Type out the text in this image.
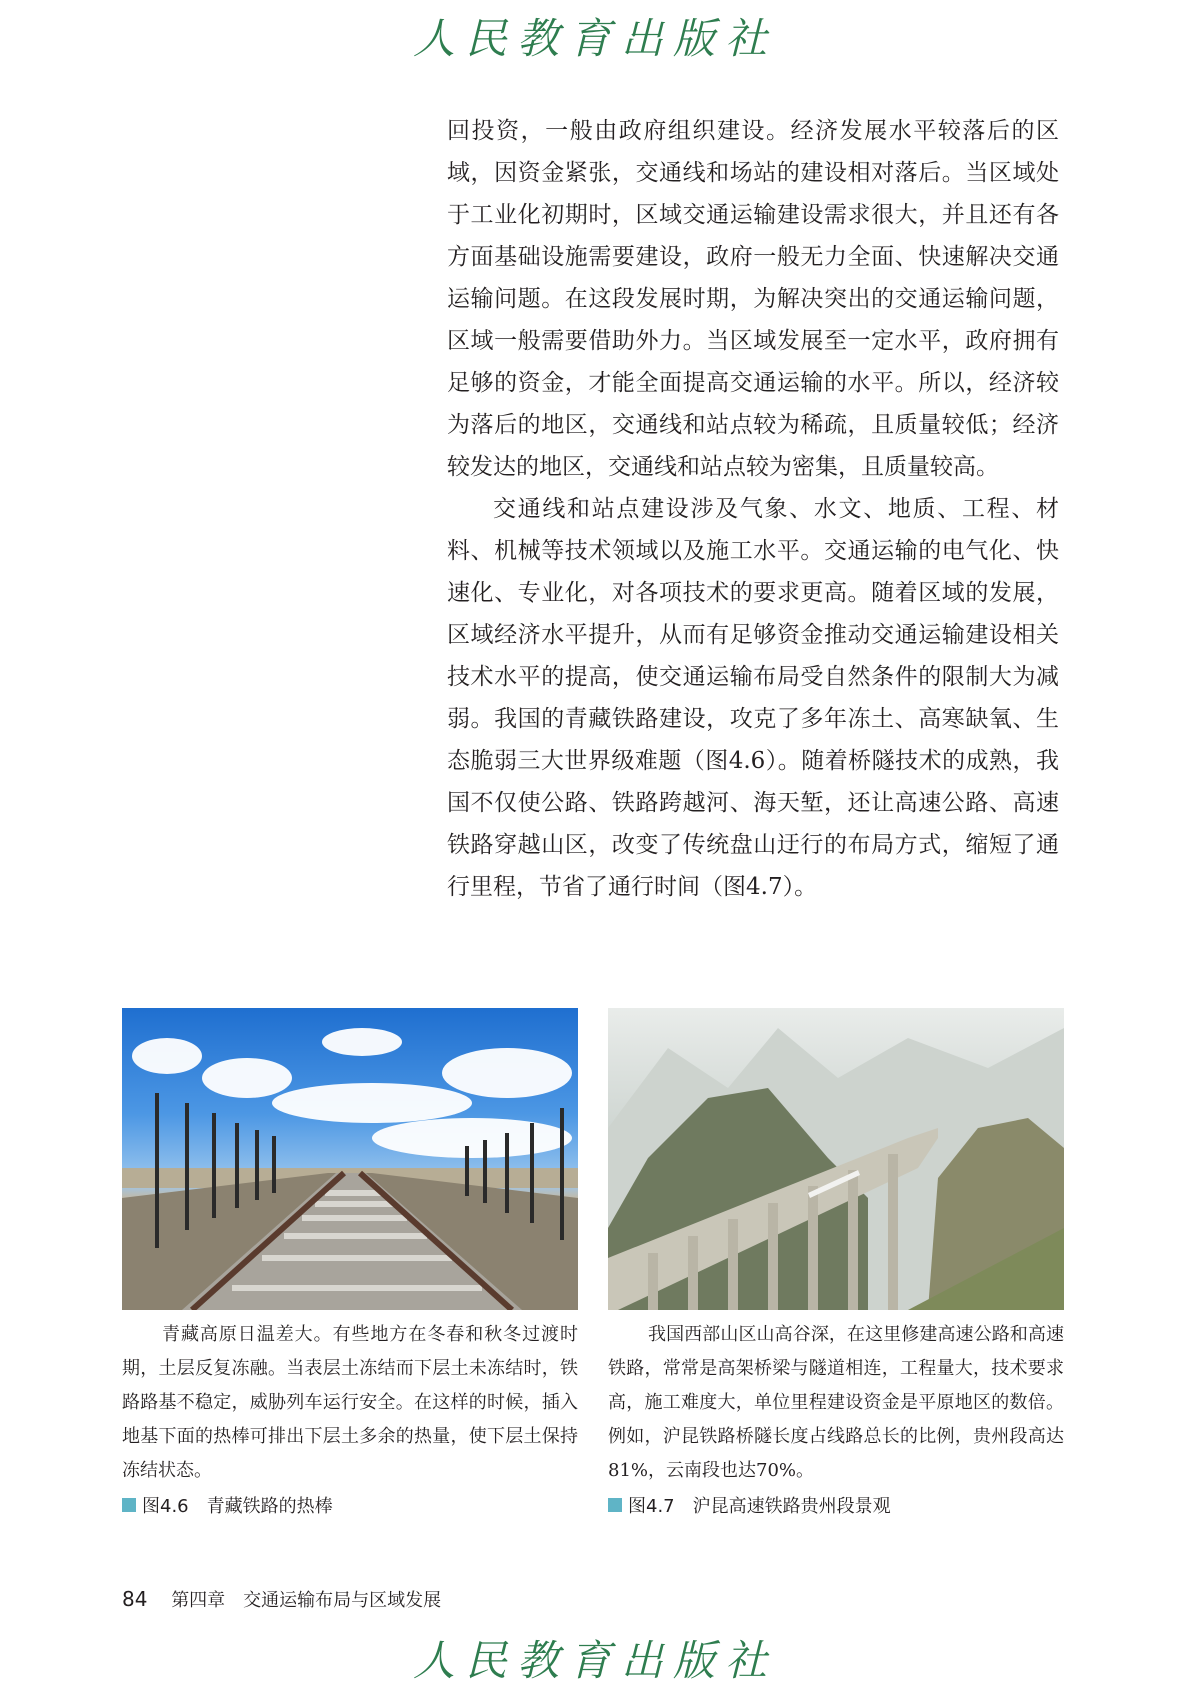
人民教育出版社

回投资，一般由政府组织建设。经济发展水平较落后的区域，因资金紧张，交通线和场站的建设相对落后。当区域处于工业化初期时，区域交通运输建设需求很大，并且还有各方面基础设施需要建设，政府一般无力全面、快速解决交通运输问题。在这段发展时期，为解决突出的交通运输问题，区域一般需要借助外力。当区域发展至一定水平，政府拥有足够的资金，才能全面提高交通运输的水平。所以，经济较为落后的地区，交通线和站点较为稀疏，且质量较低；经济较发达的地区，交通线和站点较为密集，且质量较高。

交通线和站点建设涉及气象、水文、地质、工程、材料、机械等技术领域以及施工水平。交通运输的电气化、快速化、专业化，对各项技术的要求更高。随着区域的发展，区域经济水平提升，从而有足够资金推动交通运输建设相关技术水平的提高，使交通运输布局受自然条件的限制大为减弱。我国的青藏铁路建设，攻克了多年冻土、高寒缺氧、生态脆弱三大世界级难题（图4.6）。随着桥隧技术的成熟，我国不仅使公路、铁路跨越河、海天堑，还让高速公路、高速铁路穿越山区，改变了传统盘山迂行的布局方式，缩短了通行里程，节省了通行时间（图4.7）。

青藏高原日温差大。有些地方在冬春和秋冬过渡时期，土层反复冻融。当表层土冻结而下层土未冻结时，铁路路基不稳定，威胁列车运行安全。在这样的时候，插入地基下面的热棒可排出下层土多余的热量，使下层土保持冻结状态。
图4.6　青藏铁路的热棒
我国西部山区山高谷深，在这里修建高速公路和高速铁路，常常是高架桥梁与隧道相连，工程量大，技术要求高，施工难度大，单位里程建设资金是平原地区的数倍。例如，沪昆铁路桥隧长度占线路总长的比例，贵州段高达81%，云南段也达70%。
图4.7　沪昆高速铁路贵州段景观
84 第四章　交通运输布局与区域发展
人民教育出版社
